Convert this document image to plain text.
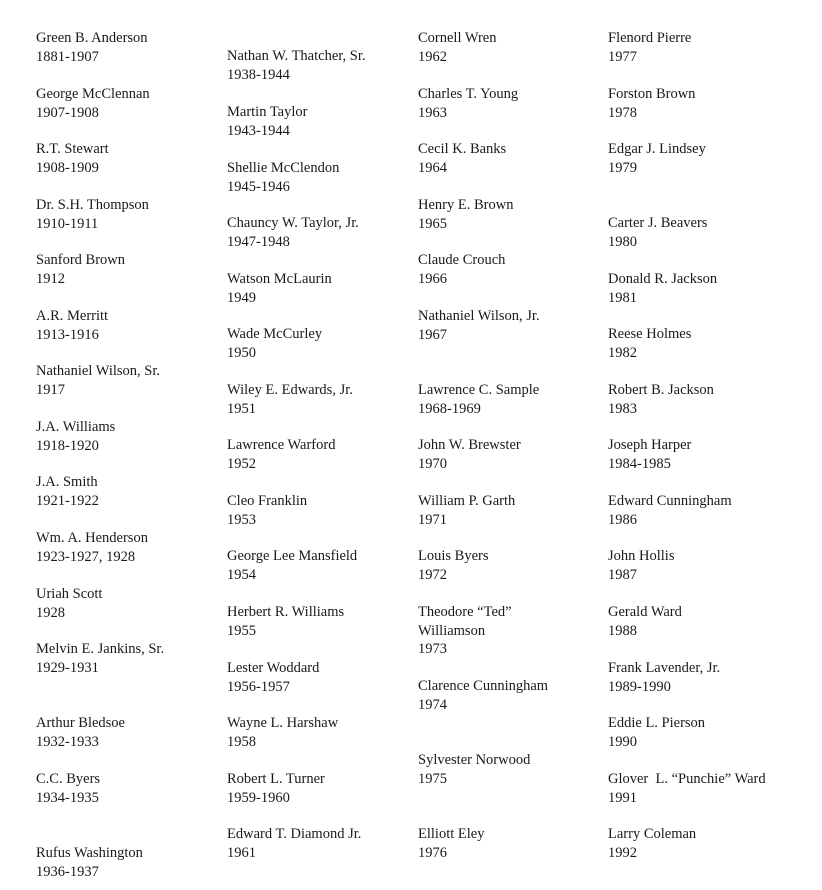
Green B. Anderson
1881-1907
George McClennan
1907-1908
R.T. Stewart
1908-1909
Dr. S.H. Thompson
1910-1911
Sanford Brown
1912
A.R. Merritt
1913-1916
Nathaniel Wilson, Sr.
1917
J.A. Williams
1918-1920
J.A. Smith
1921-1922
Wm. A. Henderson
1923-1927, 1928
Uriah Scott
1928
Melvin E. Jankins, Sr.
1929-1931
Arthur Bledsoe
1932-1933
C.C. Byers
1934-1935
Rufus Washington
1936-1937
Nathan W. Thatcher, Sr.
1938-1944
Martin Taylor
1943-1944
Shellie McClendon
1945-1946
Chauncy W. Taylor, Jr.
1947-1948
Watson McLaurin
1949
Wade McCurley
1950
Wiley E. Edwards, Jr.
1951
Lawrence Warford
1952
Cleo Franklin
1953
George Lee Mansfield
1954
Herbert R. Williams
1955
Lester Woddard
1956-1957
Wayne L. Harshaw
1958
Robert L. Turner
1959-1960
Edward T. Diamond Jr.
1961
Cornell Wren
1962
Charles T. Young
1963
Cecil K. Banks
1964
Henry E. Brown
1965
Claude Crouch
1966
Nathaniel Wilson, Jr.
1967
Lawrence C. Sample
1968-1969
John W. Brewster
1970
William P. Garth
1971
Louis Byers
1972
Theodore “Ted”
Williamson
1973
Clarence Cunningham
1974
Sylvester Norwood
1975
Elliott Eley
1976
Flenord Pierre
1977
Forston Brown
1978
Edgar J. Lindsey
1979
Carter J. Beavers
1980
Donald R. Jackson
1981
Reese Holmes
1982
Robert B. Jackson
1983
Joseph Harper
1984-1985
Edward Cunningham
1986
John Hollis
1987
Gerald Ward
1988
Frank Lavender, Jr.
1989-1990
Eddie L. Pierson
1990
Glover  L. “Punchie” Ward
1991
Larry Coleman
1992
